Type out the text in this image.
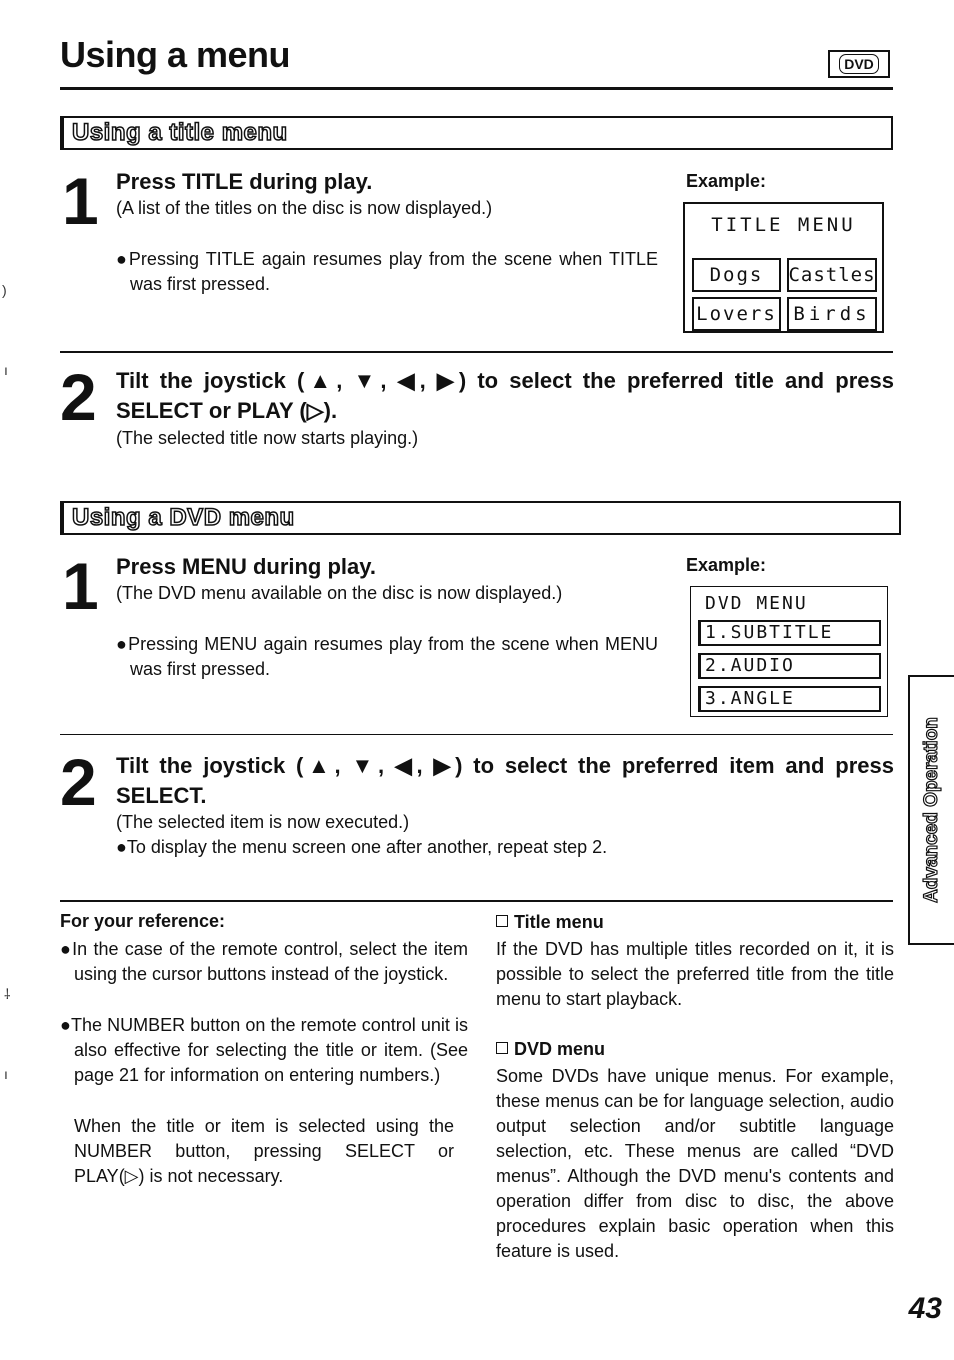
Using a menu	DVD
Using a title menu
1 Press TITLE during play.
(A list of the titles on the disc is now displayed.)
●Pressing TITLE again resumes play from the scene when TITLE was first pressed.
Example:
TITLE MENU
Dogs	Castles
Lovers Birds
2 Tilt the joystick (▲, ▼, ◀, ▶) to select the preferred title and press SELECT or PLAY (▷).
(The selected title now starts playing.)
Using a DVD menu
1 Press MENU during play.
(The DVD menu available on the disc is now displayed.)
●Pressing MENU again resumes play from the scene when MENU was first pressed.
Example:
DVD MENU
1.SUBTITLE
2.AUDIO
3.ANGLE
2 Tilt the joystick (▲, ▼, ◀, ▶) to select the preferred item and press SELECT.
(The selected item is now executed.)
●To display the menu screen one after another, repeat step 2.	Advanced Operation
For your reference:
●In the case of the remote control, select the item using the cursor buttons instead of the joystick.
●The NUMBER button on the remote control unit is also effective for selecting the title or item. (See page 21 for information on entering numbers.)
When the title or item is selected using the NUMBER button, pressing SELECT or PLAY(▷) is not necessary.
Title menu
If the DVD has multiple titles recorded on it, it is possible to select the preferred title from the title menu to start playback.
DVD menu
Some DVDs have unique menus. For example, these menus can be for language selection, audio output selection and/or subtitle language selection, etc. These menus are called “DVD menus”. Although the DVD menu's contents and operation differ from disc to disc, the above procedures explain basic operation when this feature is used.
43
)
ı
⸸
ı
